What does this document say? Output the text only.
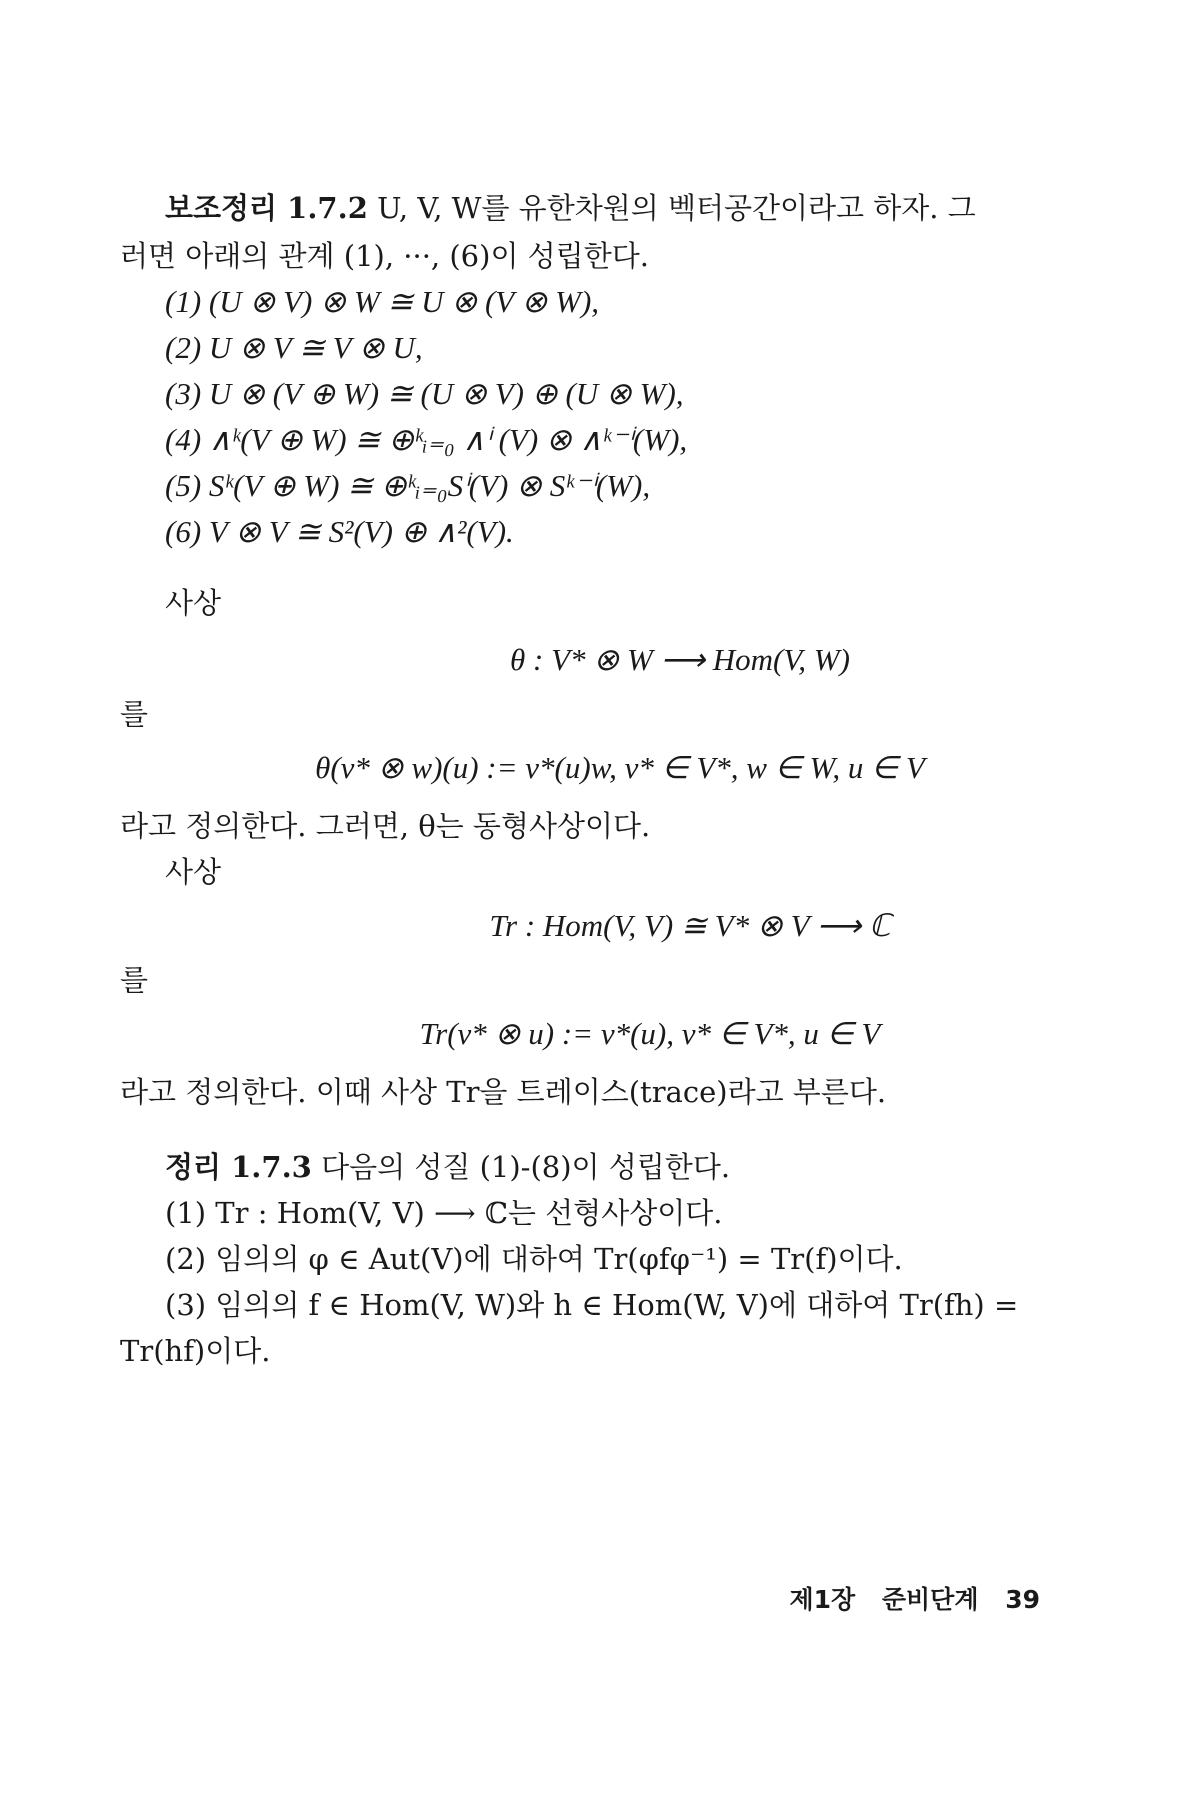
보조정리 1.7.2 U, V, W를 유한차원의 벡터공간이라고 하자. 그
러면 아래의 관계 (1), ···, (6)이 성립한다.
(1) (U ⊗ V) ⊗ W ≅ U ⊗ (V ⊗ W),
(2) U ⊗ V ≅ V ⊗ U,
(3) U ⊗ (V ⊕ W) ≅ (U ⊗ V) ⊕ (U ⊗ W),
(4) ∧ᵏ(V ⊕ W) ≅ ⊕ᵏᵢ₌₀ ∧ⁱ (V) ⊗ ∧ᵏ⁻ⁱ(W),
(5) Sᵏ(V ⊕ W) ≅ ⊕ᵏᵢ₌₀Sⁱ(V) ⊗ Sᵏ⁻ⁱ(W),
(6) V ⊗ V ≅ S²(V) ⊕ ∧²(V).
사상
θ : V* ⊗ W ⟶ Hom(V, W)
를
θ(v* ⊗ w)(u) := v*(u)w, v* ∈ V*, w ∈ W, u ∈ V
라고 정의한다. 그러면, θ는 동형사상이다.
사상
Tr : Hom(V, V) ≅ V* ⊗ V ⟶ ℂ
를
Tr(v* ⊗ u) := v*(u), v* ∈ V*, u ∈ V
라고 정의한다. 이때 사상 Tr을 트레이스(trace)라고 부른다.
정리 1.7.3 다음의 성질 (1)-(8)이 성립한다.
(1) Tr : Hom(V, V) ⟶ ℂ는 선형사상이다.
(2) 임의의 φ ∈ Aut(V)에 대하여 Tr(φfφ⁻¹) = Tr(f)이다.
(3) 임의의 f ∈ Hom(V, W)와 h ∈ Hom(W, V)에 대하여 Tr(fh) =
Tr(hf)이다.
제1장 준비단계 39
